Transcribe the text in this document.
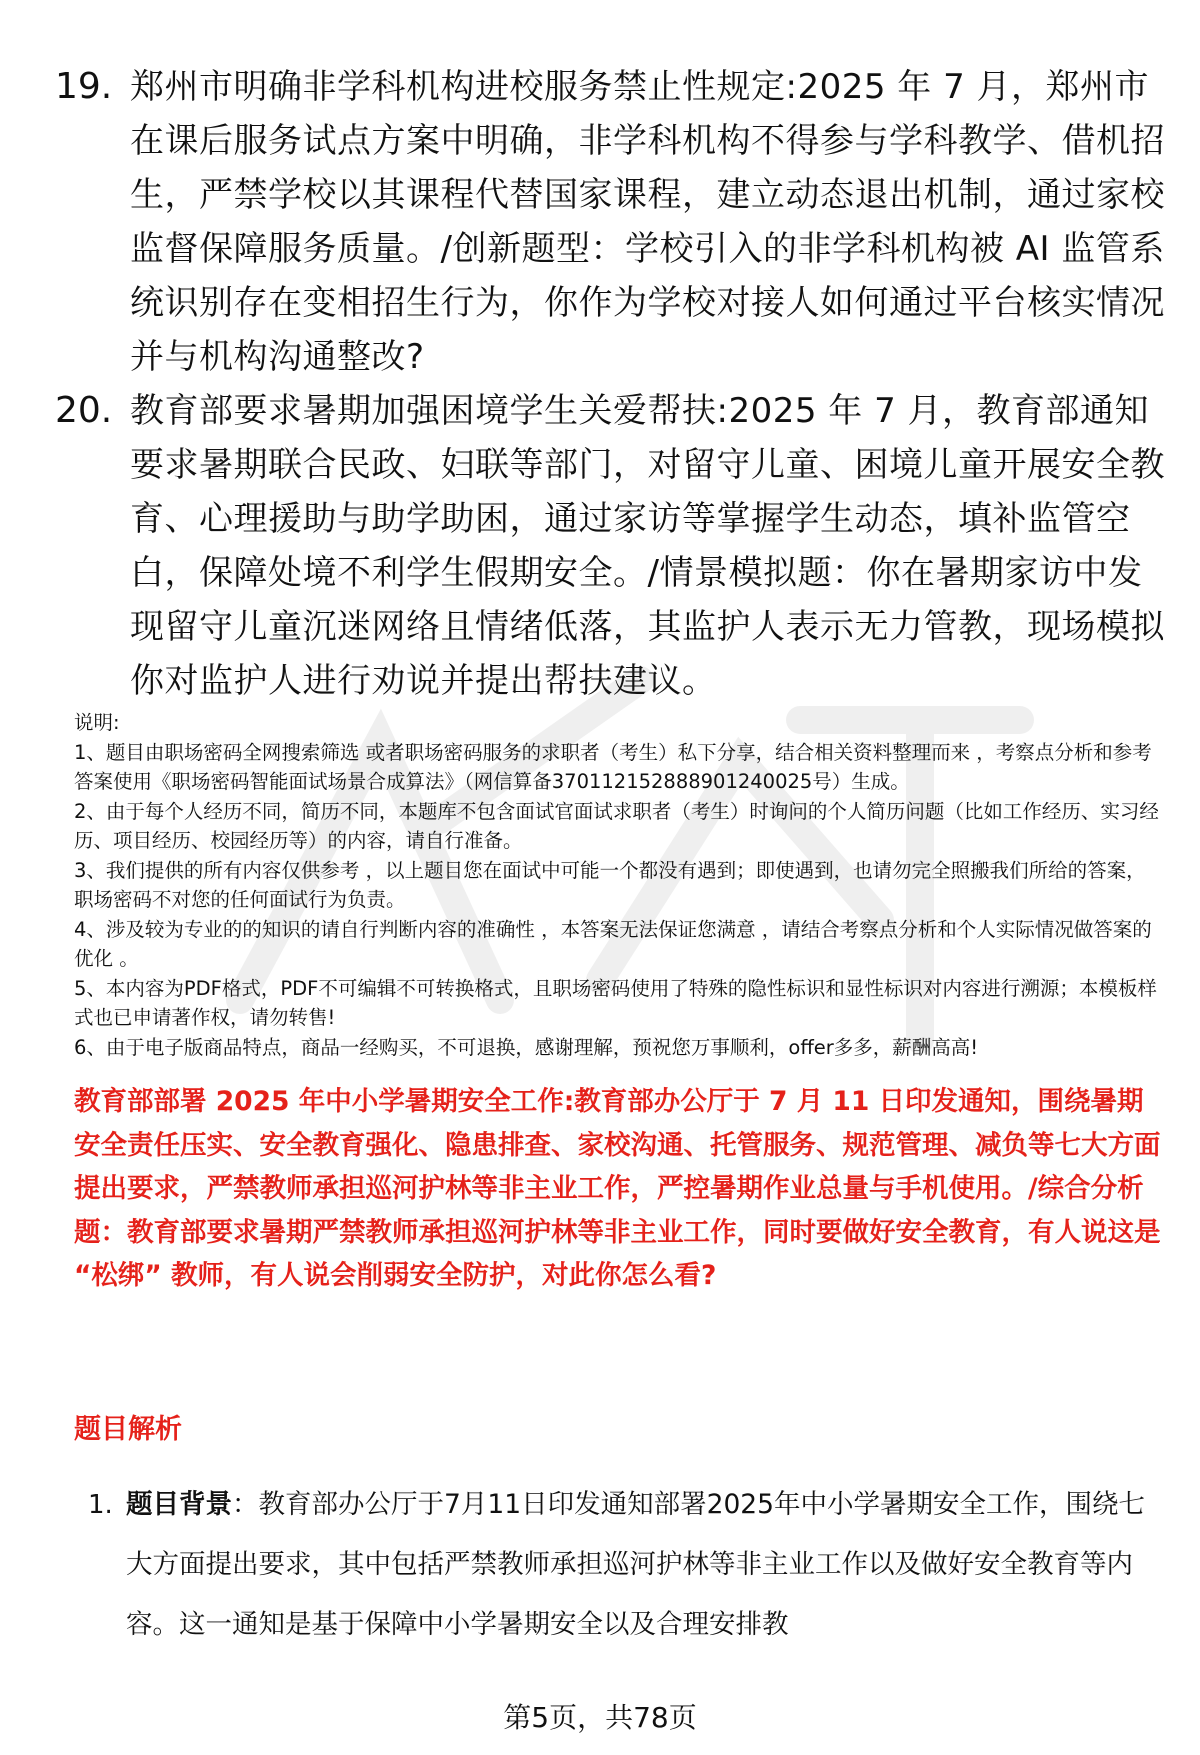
19. 郑州市明确非学科机构进校服务禁止性规定:2025 年 7 月，郑州市在课后服务试点方案中明确，非学科机构不得参与学科教学、借机招生，严禁学校以其课程代替国家课程，建立动态退出机制，通过家校监督保障服务质量。/创新题型：学校引入的非学科机构被 AI 监管系统识别存在变相招生行为，你作为学校对接人如何通过平台核实情况并与机构沟通整改?
20. 教育部要求暑期加强困境学生关爱帮扶:2025 年 7 月，教育部通知要求暑期联合民政、妇联等部门，对留守儿童、困境儿童开展安全教育、心理援助与助学助困，通过家访等掌握学生动态，填补监管空白，保障处境不利学生假期安全。/情景模拟题：你在暑期家访中发现留守儿童沉迷网络且情绪低落，其监护人表示无力管教，现场模拟你对监护人进行劝说并提出帮扶建议。

说明:

1、题目由职场密码全网搜索筛选 或者职场密码服务的求职者（考生）私下分享，结合相关资料整理而来 ，考察点分析和参考答案使用《职场密码智能面试场景合成算法》（网信算备370112152888901240025号）生成。

2、由于每个人经历不同，简历不同，本题库不包含面试官面试求职者（考生）时询问的个人简历问题（比如工作经历、实习经历、项目经历、校园经历等）的内容，请自行准备。

3、我们提供的所有内容仅供参考 ，以上题目您在面试中可能一个都没有遇到；即使遇到，也请勿完全照搬我们所给的答案，职场密码不对您的任何面试行为负责。

4、涉及较为专业的的知识的请自行判断内容的准确性 ，本答案无法保证您满意 ，请结合考察点分析和个人实际情况做答案的优化 。

5、本内容为PDF格式，PDF不可编辑不可转换格式，且职场密码使用了特殊的隐性标识和显性标识对内容进行溯源；本模板样式也已申请著作权，请勿转售!

6、由于电子版商品特点，商品一经购买，不可退换，感谢理解，预祝您万事顺利，offer多多，薪酬高高!

教育部部署 2025 年中小学暑期安全工作:教育部办公厅于 7 月 11 日印发通知，围绕暑期安全责任压实、安全教育强化、隐患排查、家校沟通、托管服务、规范管理、减负等七大方面提出要求，严禁教师承担巡河护林等非主业工作，严控暑期作业总量与手机使用。/综合分析题：教育部要求暑期严禁教师承担巡河护林等非主业工作，同时要做好安全教育，有人说这是 “松绑” 教师，有人说会削弱安全防护，对此你怎么看?
题目解析
1. 题目背景：教育部办公厅于7月11日印发通知部署2025年中小学暑期安全工作，围绕七大方面提出要求，其中包括严禁教师承担巡河护林等非主业工作以及做好安全教育等内容。这一通知是基于保障中小学暑期安全以及合理安排教
第5页，共78页
